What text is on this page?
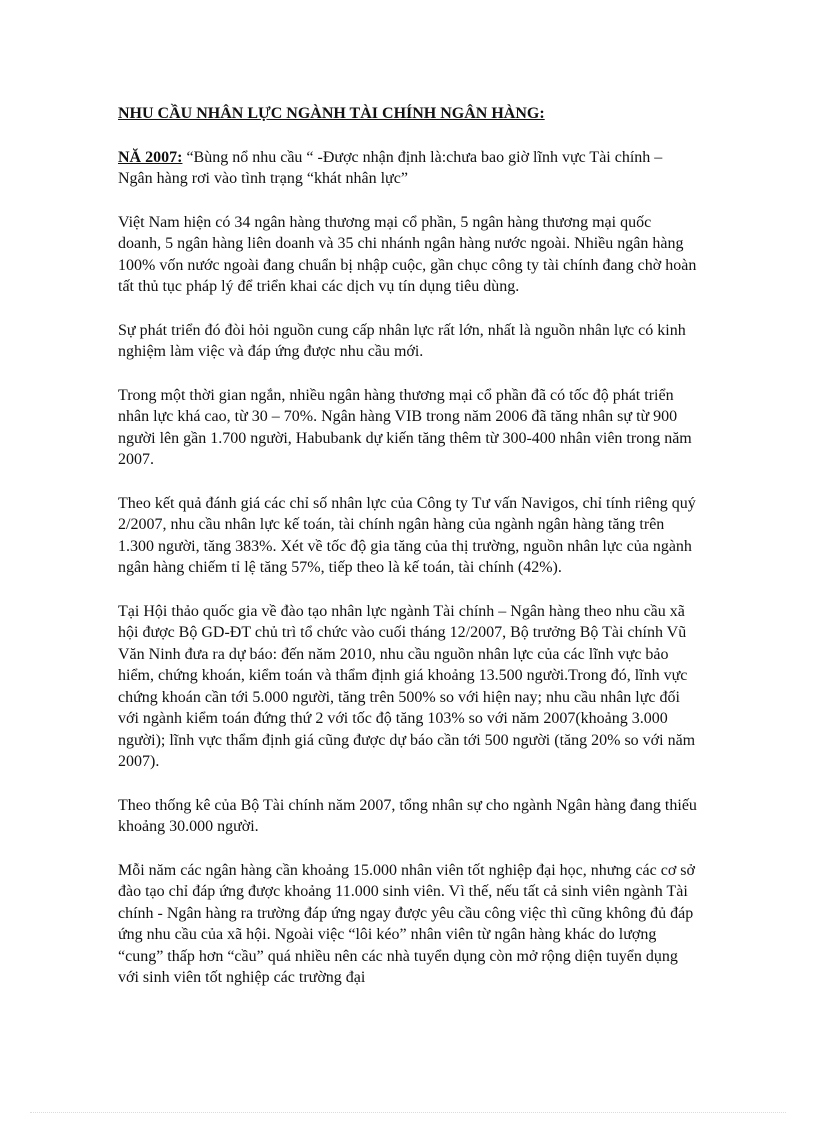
NHU CẦU NHÂN LỰC NGÀNH TÀI CHÍNH NGÂN HÀNG:

NĂ 2007: “Bùng nổ nhu cầu “ -Được nhận định là:chưa bao giờ lĩnh vực Tài chính – Ngân hàng rơi vào tình trạng “khát nhân lực”

Việt Nam hiện có 34 ngân hàng thương mại cổ phần, 5 ngân hàng thương mại quốc doanh, 5 ngân hàng liên doanh và 35 chi nhánh ngân hàng nước ngoài. Nhiều ngân hàng 100% vốn nước ngoài đang chuẩn bị nhập cuộc, gần chục công ty tài chính đang chờ hoàn tất thủ tục pháp lý để triển khai các dịch vụ tín dụng tiêu dùng.

Sự phát triển đó đòi hỏi nguồn cung cấp nhân lực rất lớn, nhất là nguồn nhân lực có kinh nghiệm làm việc và đáp ứng được nhu cầu mới.

Trong một thời gian ngắn, nhiều ngân hàng thương mại cổ phần đã có tốc độ phát triển nhân lực khá cao, từ 30 – 70%. Ngân hàng VIB trong năm 2006 đã tăng nhân sự từ 900 người lên gần 1.700 người, Habubank dự kiến tăng thêm từ 300-400 nhân viên trong năm 2007.

Theo kết quả đánh giá các chỉ số nhân lực của Công ty Tư vấn Navigos, chỉ tính riêng quý 2/2007, nhu cầu nhân lực kế toán, tài chính ngân hàng của ngành ngân hàng tăng trên 1.300 người, tăng 383%. Xét về tốc độ gia tăng của thị trường, nguồn nhân lực của ngành ngân hàng chiếm tỉ lệ tăng 57%, tiếp theo là kế toán, tài chính (42%).

Tại Hội thảo quốc gia về đào tạo nhân lực ngành Tài chính – Ngân hàng theo nhu cầu xã hội được Bộ GD-ĐT chủ trì tổ chức vào cuối tháng 12/2007, Bộ trưởng Bộ Tài chính Vũ Văn Ninh đưa ra dự báo: đến năm 2010, nhu cầu nguồn nhân lực của các lĩnh vực bảo hiểm, chứng khoán, kiểm toán và thẩm định giá khoảng 13.500 người.Trong đó, lĩnh vực chứng khoán cần tới 5.000 người, tăng trên 500% so với hiện nay; nhu cầu nhân lực đối với ngành kiểm toán đứng thứ 2 với tốc độ tăng 103% so với năm 2007(khoảng 3.000 người); lĩnh vực thẩm định giá cũng được dự báo cần tới 500 người (tăng 20% so với năm 2007).

Theo thống kê của Bộ Tài chính năm 2007, tổng nhân sự cho ngành Ngân hàng đang thiếu khoảng 30.000 người.

Mỗi năm các ngân hàng cần khoảng 15.000 nhân viên tốt nghiệp đại học, nhưng các cơ sở đào tạo chỉ đáp ứng được khoảng 11.000 sinh viên. Vì thế, nếu tất cả sinh viên ngành Tài chính - Ngân hàng ra trường đáp ứng ngay được yêu cầu công việc thì cũng không đủ đáp ứng nhu cầu của xã hội. Ngoài việc “lôi kéo” nhân viên từ ngân hàng khác do lượng “cung” thấp hơn “cầu” quá nhiều nên các nhà tuyển dụng còn mở rộng diện tuyển dụng với sinh viên tốt nghiệp các trường đại
